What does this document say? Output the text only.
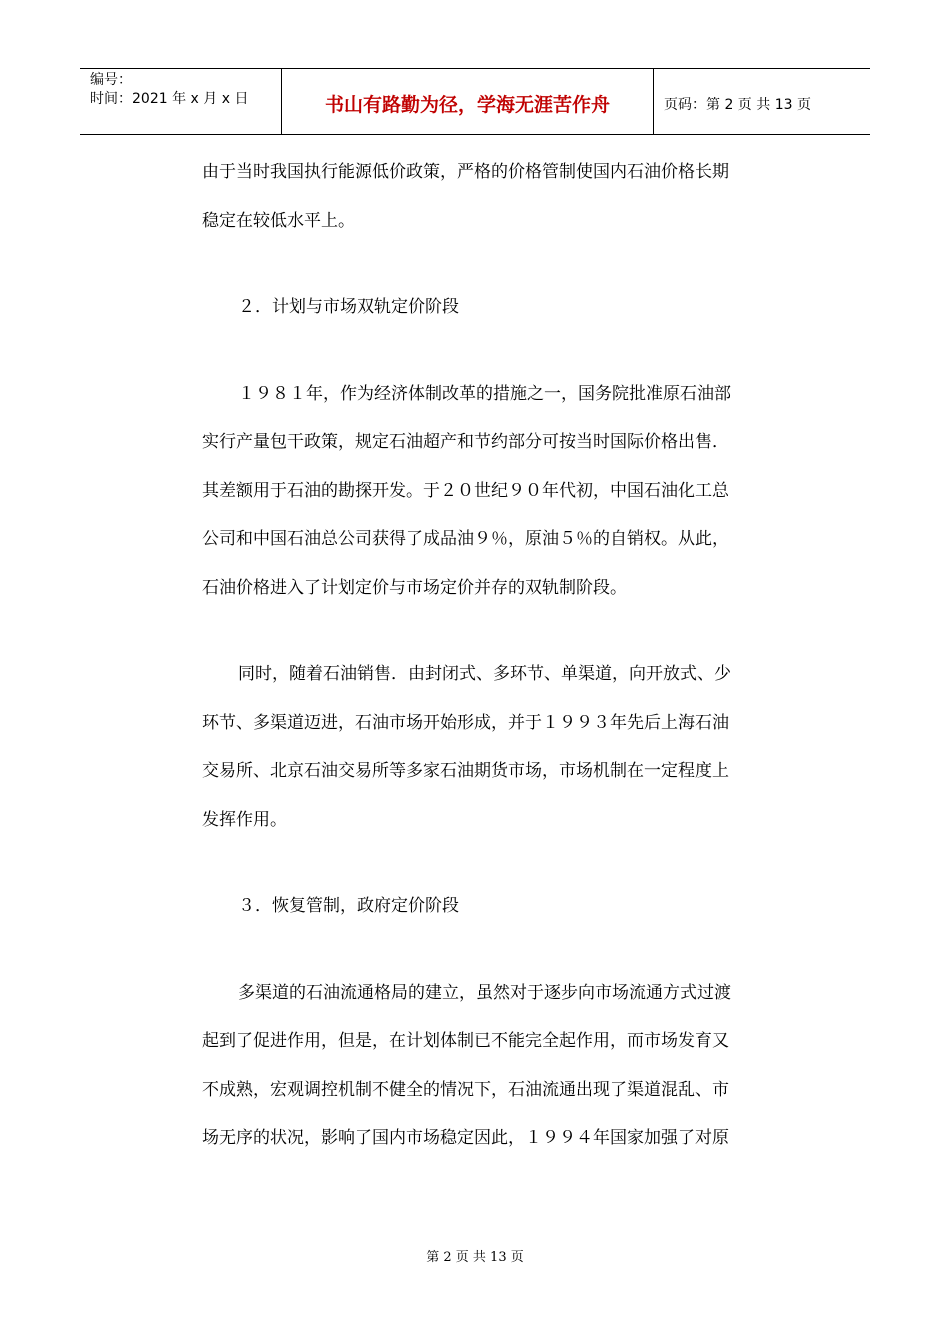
编号：
时间：2021 年 x 月 x 日	书山有路勤为径，学海无涯苦作舟	页码：第 2 页 共 13 页

由于当时我国执行能源低价政策，严格的价格管制使国内石油价格长期

稳定在较低水平上。

２．计划与市场双轨定价阶段

１９８１年，作为经济体制改革的措施之一，国务院批准原石油部

实行产量包干政策，规定石油超产和节约部分可按当时国际价格出售．

其差额用于石油的勘探开发。于２０世纪９０年代初，中国石油化工总

公司和中国石油总公司获得了成品油９％，原油５％的自销权。从此，

石油价格进入了计划定价与市场定价并存的双轨制阶段。

同时，随着石油销售．由封闭式、多环节、单渠道，向开放式、少

环节、多渠道迈进，石油市场开始形成，并于１９９３年先后上海石油

交易所、北京石油交易所等多家石油期货市场，市场机制在一定程度上

发挥作用。

３．恢复管制，政府定价阶段

多渠道的石油流通格局的建立，虽然对于逐步向市场流通方式过渡

起到了促进作用，但是，在计划体制已不能完全起作用，而市场发育又

不成熟，宏观调控机制不健全的情况下，石油流通出现了渠道混乱、市

场无序的状况，影响了国内市场稳定因此，１９９４年国家加强了对原

第 2 页 共 13 页
